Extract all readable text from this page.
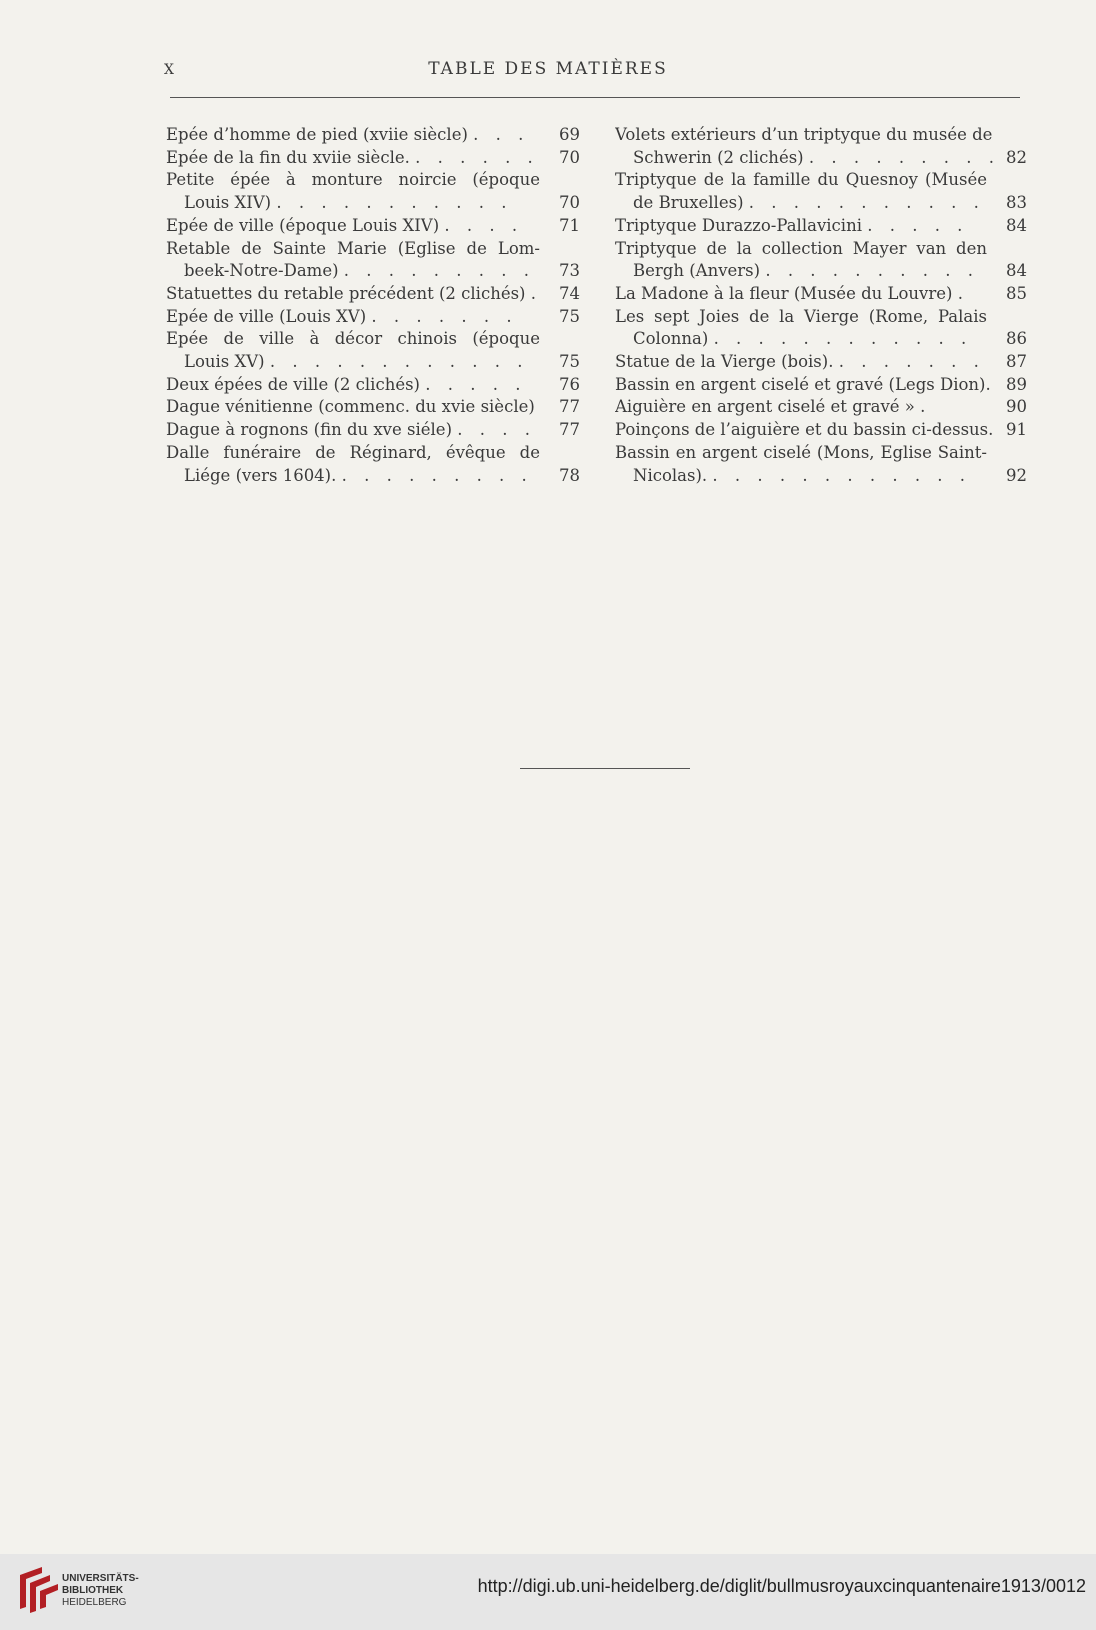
X	TABLE DES MATIÈRES
Epée d’homme de pied (xviie siècle) . . .	69
Epée de la fin du xviie siècle. . . . . . .	70
Petite épée à monture noircie (époque
Louis XIV) . . . . . . . . . . .	70
Epée de ville (époque Louis XIV) . . . .	71
Retable de Sainte Marie (Eglise de Lom-
beek-Notre-Dame) . . . . . . . . .	73
Statuettes du retable précédent (2 clichés) .	74
Epée de ville (Louis XV) . . . . . . .	75
Epée de ville à décor chinois (époque
Louis XV) . . . . . . . . . . . .	75
Deux épées de ville (2 clichés) . . . . .	76
Dague vénitienne (commenc. du xvie siècle)	77
Dague à rognons (fin du xve siéle) . . . .	77
Dalle funéraire de Réginard, évêque de
Liége (vers 1604). . . . . . . . . .	78
Volets extérieurs d’un triptyque du musée de
Schwerin (2 clichés) . . . . . . . . . 82
Triptyque de la famille du Quesnoy (Musée
de Bruxelles) . . . . . . . . . . .	83
Triptyque Durazzo-Pallavicini . . . . .	84
Triptyque de la collection Mayer van den
Bergh (Anvers) . . . . . . . . . .	84
La Madone à la fleur (Musée du Louvre) .	85
Les sept Joies de la Vierge (Rome, Palais
Colonna) . . . . . . . . . . . .	86
Statue de la Vierge (bois). . . . . . . .	87
Bassin en argent ciselé et gravé (Legs Dion). 89
Aiguière en argent ciselé et gravé » .	90
Poinçons de l’aiguière et du bassin ci-dessus. 91
Bassin en argent ciselé (Mons, Eglise Saint-
Nicolas). . . . . . . . . . . . .	92
UNIVERSITÄTS-
BIBLIOTHEK
HEIDELBERG
http://digi.ub.uni-heidelberg.de/diglit/bullmusroyauxcinquantenaire1913/0012
